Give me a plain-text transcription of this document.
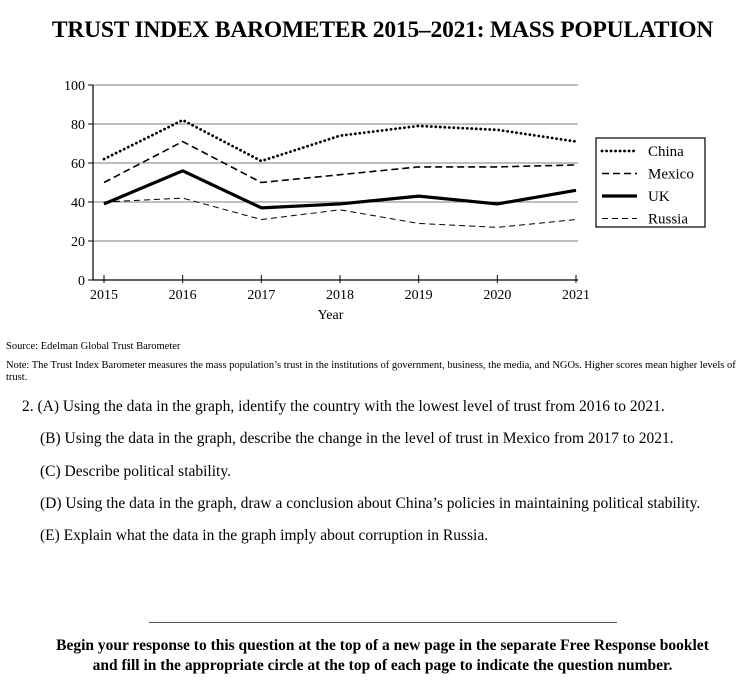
TRUST INDEX BAROMETER 2015–2021: MASS POPULATION
0
20
40
60
80
100
2015	2016	2017	2018	2019	2020	2021
Year
China
Mexico
UK
Russia
Source: Edelman Global Trust Barometer
Note: The Trust Index Barometer measures the mass population’s trust in the institutions of government, business, the media, and NGOs. Higher scores mean higher levels of trust.
2. (A) Using the data in the graph, identify the country with the lowest level of trust from 2016 to 2021.
(B) Using the data in the graph, describe the change in the level of trust in Mexico from 2017 to 2021.
(C) Describe political stability.
(D) Using the data in the graph, draw a conclusion about China’s policies in maintaining political stability.
(E) Explain what the data in the graph imply about corruption in Russia.
Begin your response to this question at the top of a new page in the separate Free Response booklet
and fill in the appropriate circle at the top of each page to indicate the question number.
